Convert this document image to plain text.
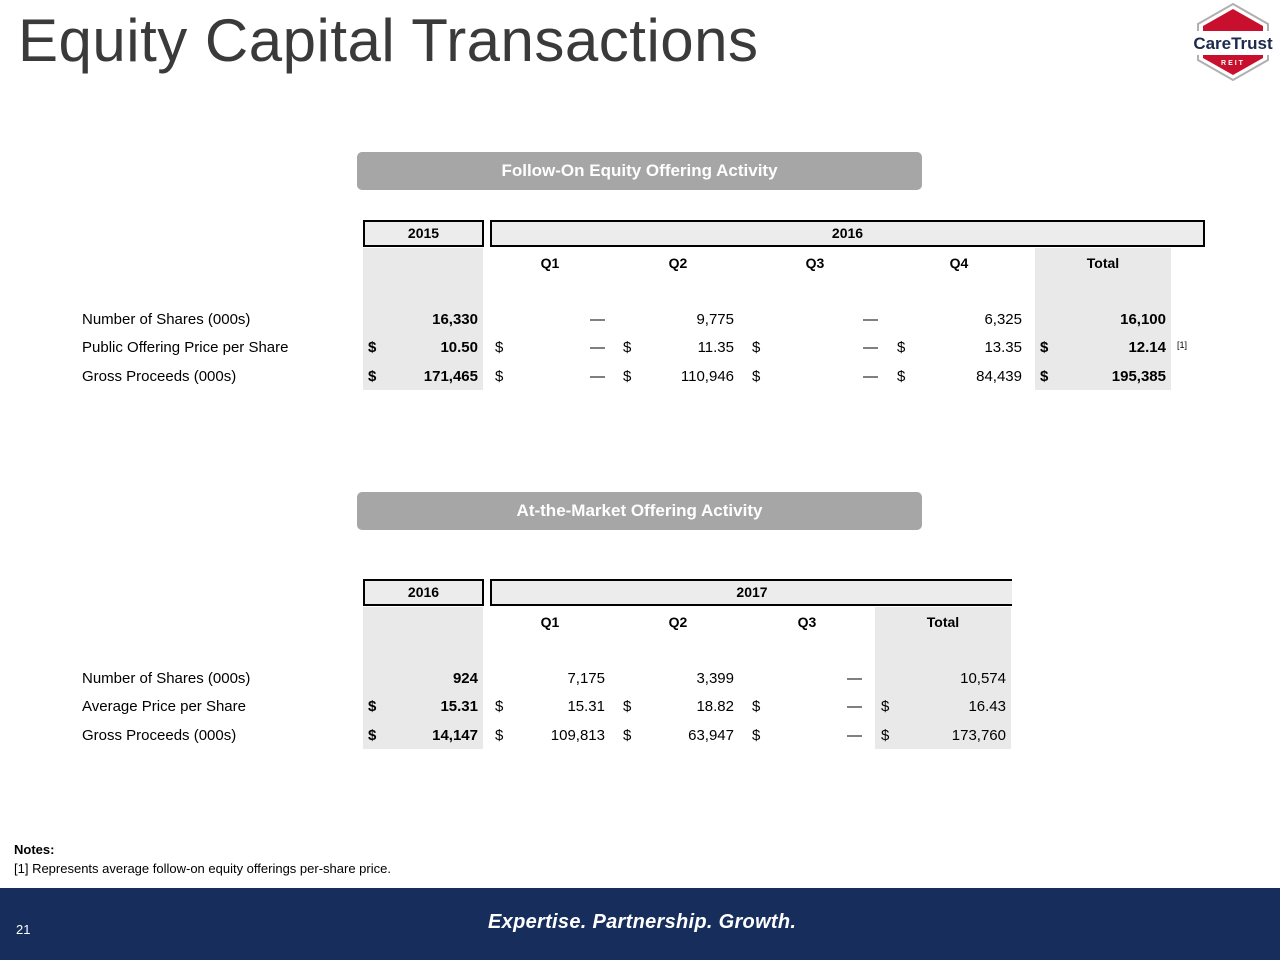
Equity Capital Transactions	CareTrust
REIT
Follow-On Equity Offering Activity
2015	2016
Q1	Q2	Q3	Q4	Total
Number of Shares (000s)	16,330	—	9,775	—	6,325	16,100
Public Offering Price per Share	$	10.50 $	— $	11.35 $	— $	13.35 $	12.14 [1]
Gross Proceeds (000s)	$	171,465 $	— $	110,946 $	— $	84,439 $	195,385
At-the-Market Offering Activity
2016	2017
Q1	Q2	Q3	Total
Number of Shares (000s)	924	7,175	3,399	—	10,574
Average Price per Share	$	15.31 $	15.31 $	18.82 $	— $	16.43
Gross Proceeds (000s)	$	14,147 $	109,813 $	63,947 $	— $	173,760
Notes:
[1] Represents average follow-on equity offerings per-share price.
21	Expertise. Partnership. Growth.
